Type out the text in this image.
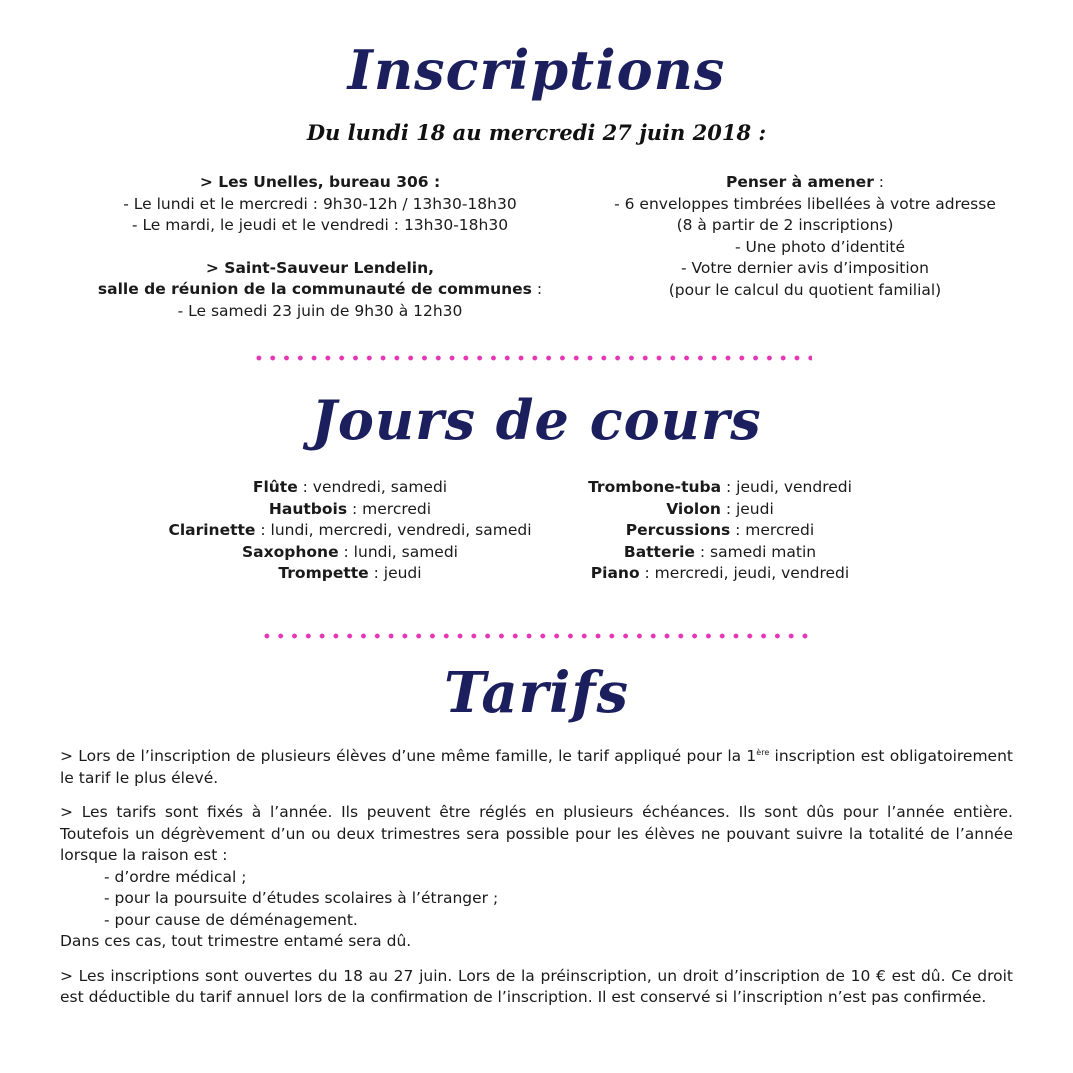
Inscriptions
Du lundi 18 au mercredi 27 juin 2018 :
> Les Unelles, bureau 306 :
- Le lundi et le mercredi : 9h30-12h / 13h30-18h30
- Le mardi, le jeudi et le vendredi : 13h30-18h30
> Saint-Sauveur Lendelin,
salle de réunion de la communauté de communes :
- Le samedi 23 juin de 9h30 à 12h30
Penser à amener :
- 6 enveloppes timbrées libellées à votre adresse
(8 à partir de 2 inscriptions)
- Une photo d’identité
- Votre dernier avis d’imposition
(pour le calcul du quotient familial)
Jours de cours
Flûte : vendredi, samedi
Hautbois : mercredi
Clarinette : lundi, mercredi, vendredi, samedi
Saxophone : lundi, samedi
Trompette : jeudi
Trombone-tuba : jeudi, vendredi
Violon : jeudi
Percussions : mercredi
Batterie : samedi matin
Piano : mercredi, jeudi, vendredi
Tarifs

> Lors de l’inscription de plusieurs élèves d’une même famille, le tarif appliqué pour la 1ère inscription est obligatoirement le tarif le plus élevé.

> Les tarifs sont fixés à l’année. Ils peuvent être réglés en plusieurs échéances. Ils sont dûs pour l’année entière. Toutefois un dégrèvement d’un ou deux trimestres sera possible pour les élèves ne pouvant suivre la totalité de l’année lorsque la raison est :
- d’ordre médical ;
- pour la poursuite d’études scolaires à l’étranger ;
- pour cause de déménagement.
Dans ces cas, tout trimestre entamé sera dû.

> Les inscriptions sont ouvertes du 18 au 27 juin. Lors de la préinscription, un droit d’inscription de 10 € est dû. Ce droit est déductible du tarif annuel lors de la confirmation de l’inscription. Il est conservé si l’inscription n’est pas confirmée.
